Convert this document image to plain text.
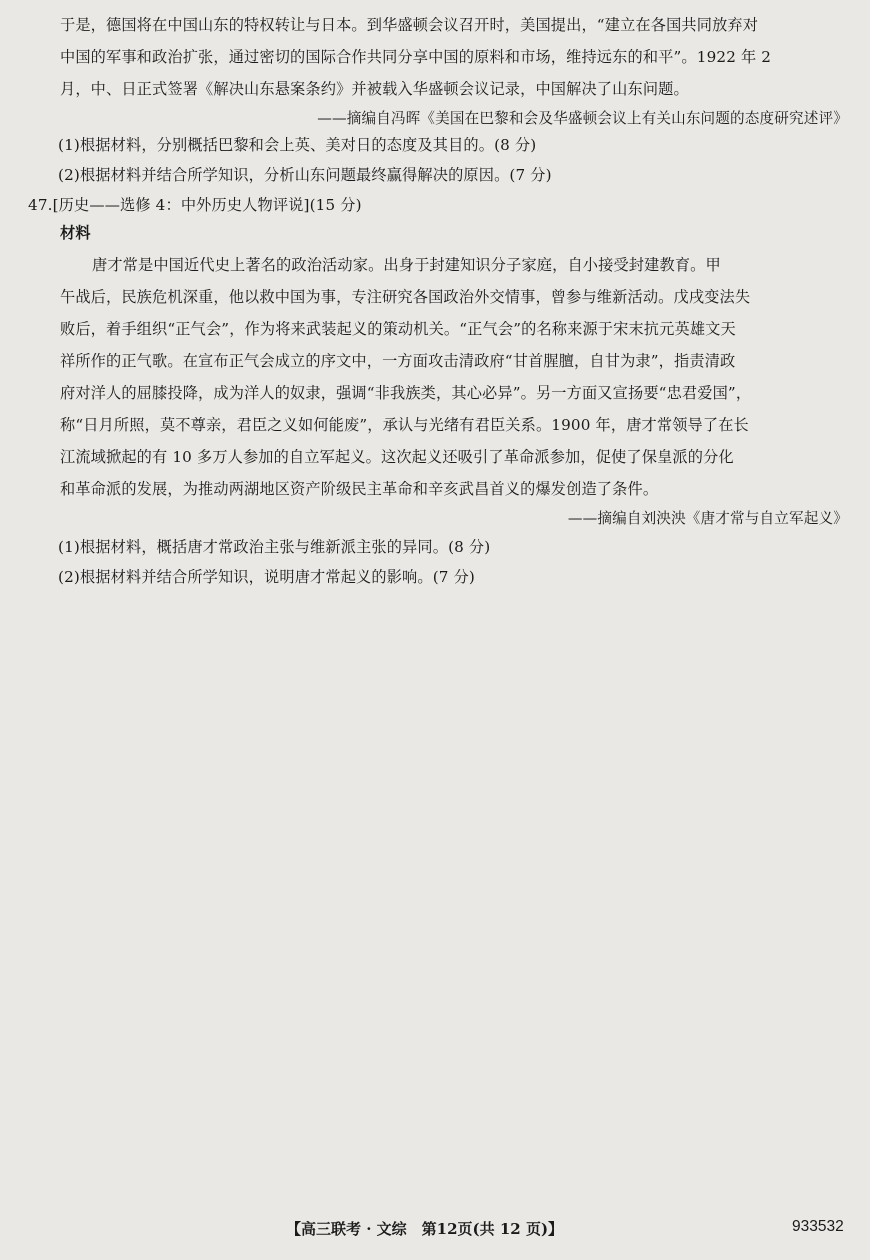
于是，德国将在中国山东的特权转让与日本。到华盛顿会议召开时，美国提出，“建立在各国共同放弃对
中国的军事和政治扩张，通过密切的国际合作共同分享中国的原料和市场，维持远东的和平”。1922 年 2
月，中、日正式签署《解决山东悬案条约》并被载入华盛顿会议记录，中国解决了山东问题。
——摘编自冯晖《美国在巴黎和会及华盛顿会议上有关山东问题的态度研究述评》
(1)根据材料，分别概括巴黎和会上英、美对日的态度及其目的。(8 分)
(2)根据材料并结合所学知识，分析山东问题最终赢得解决的原因。(7 分)
47.[历史——选修 4：中外历史人物评说](15 分)
材料
唐才常是中国近代史上著名的政治活动家。出身于封建知识分子家庭，自小接受封建教育。甲
午战后，民族危机深重，他以救中国为事，专注研究各国政治外交情事，曾参与维新活动。戊戌变法失
败后，着手组织“正气会”，作为将来武装起义的策动机关。“正气会”的名称来源于宋末抗元英雄文天
祥所作的正气歌。在宣布正气会成立的序文中，一方面攻击清政府“甘首腥膻，自甘为隶”，指责清政
府对洋人的屈膝投降，成为洋人的奴隶，强调“非我族类，其心必异”。另一方面又宣扬要“忠君爱国”，
称“日月所照，莫不尊亲，君臣之义如何能废”，承认与光绪有君臣关系。1900 年，唐才常领导了在长
江流域掀起的有 10 多万人参加的自立军起义。这次起义还吸引了革命派参加，促使了保皇派的分化
和革命派的发展，为推动两湖地区资产阶级民主革命和辛亥武昌首义的爆发创造了条件。
——摘编自刘泱泱《唐才常与自立军起义》
(1)根据材料，概括唐才常政治主张与维新派主张的异同。(8 分)
(2)根据材料并结合所学知识，说明唐才常起义的影响。(7 分)
【高三联考 · 文综　第12页(共 12 页)】	933532
